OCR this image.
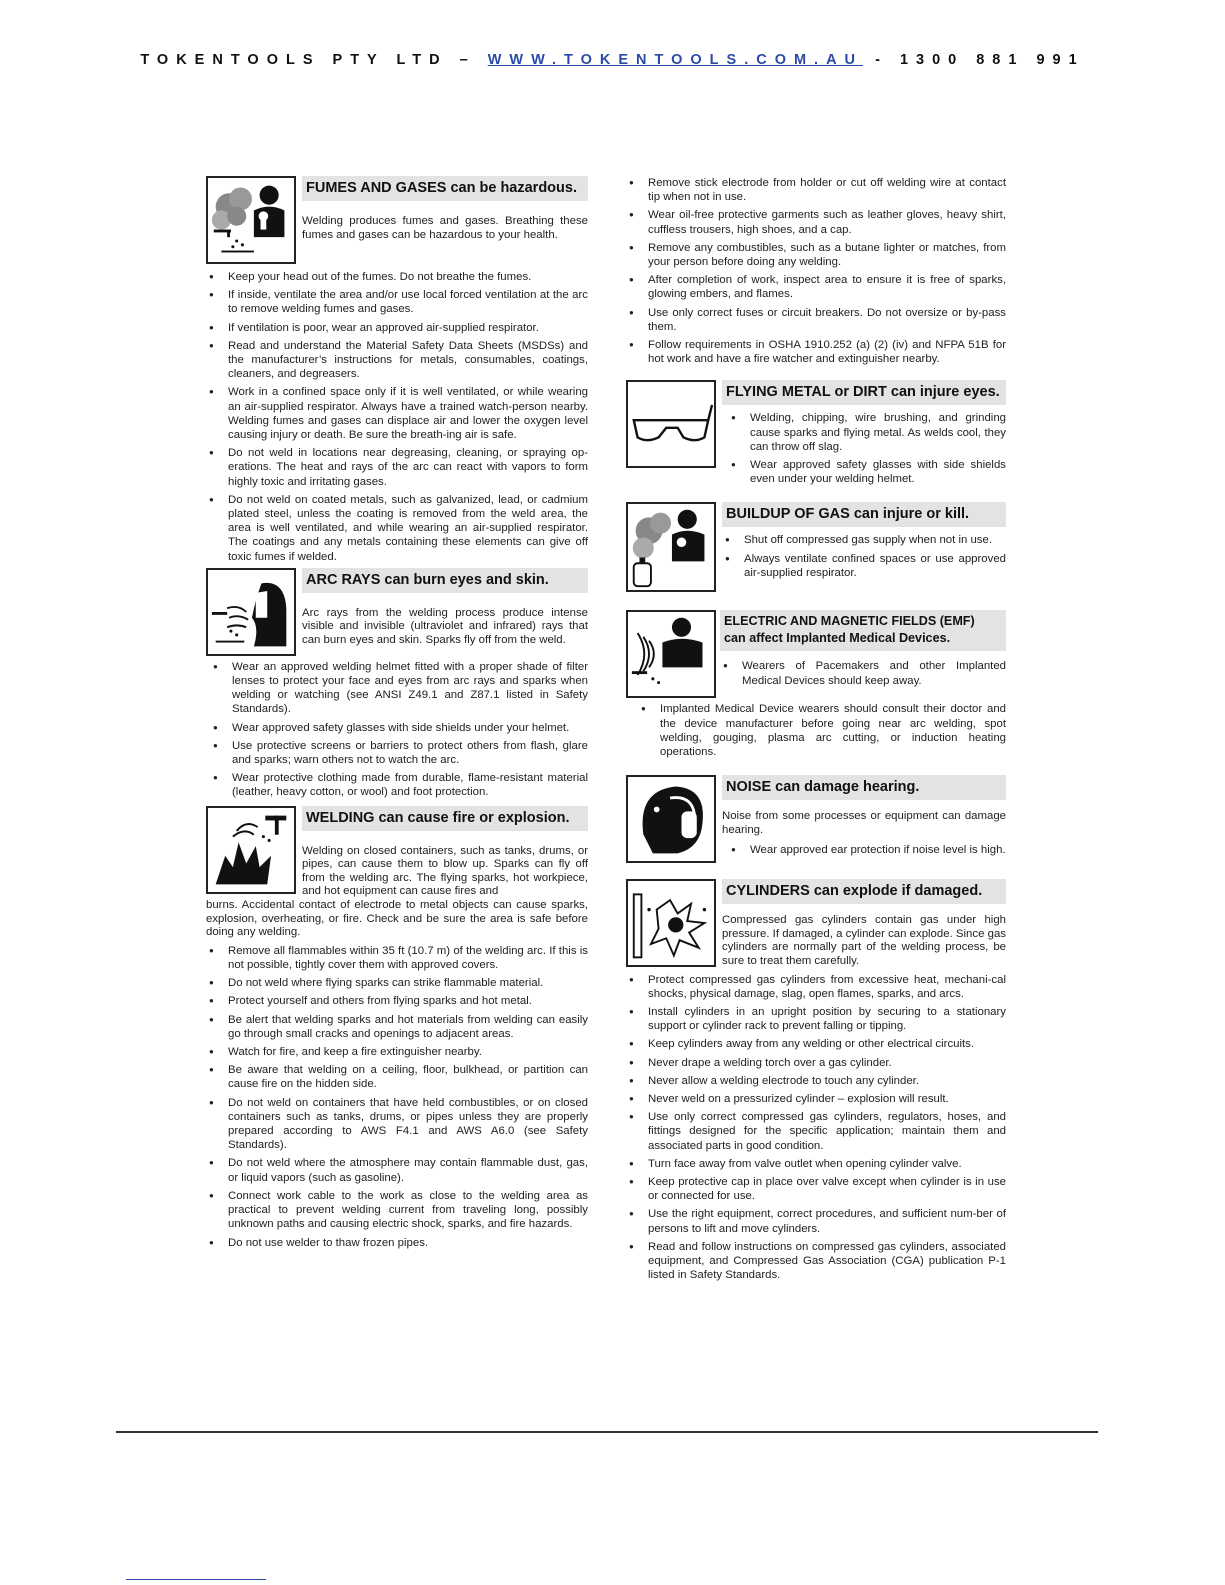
TOKENTOOLS PTY LTD – WWW.TOKENTOOLS.COM.AU - 1300 881 991
FUMES AND GASES can be hazardous.
Welding produces fumes and gases. Breathing these fumes and gases can be hazardous to your health.
● Keep your head out of the fumes. Do not breathe the fumes.
● If inside, ventilate the area and/or use local forced ventilation at the arc to remove welding fumes and gases.
● If ventilation is poor, wear an approved air-supplied respirator.
● Read and understand the Material Safety Data Sheets (MSDSs) and the manufacturer’s instructions for metals, consumables, coatings, cleaners, and degreasers.
● Work in a confined space only if it is well ventilated, or while wearing an air-supplied respirator. Always have a trained watch-person nearby. Welding fumes and gases can displace air and lower the oxygen level causing injury or death. Be sure the breath-ing air is safe.
● Do not weld in locations near degreasing, cleaning, or spraying op-erations. The heat and rays of the arc can react with vapors to form highly toxic and irritating gases.
● Do not weld on coated metals, such as galvanized, lead, or cadmium plated steel, unless the coating is removed from the weld area, the area is well ventilated, and while wearing an air-supplied respirator. The coatings and any metals containing these elements can give off toxic fumes if welded.
ARC RAYS can burn eyes and skin.
Arc rays from the welding process produce intense visible and invisible (ultraviolet and infrared) rays that can burn eyes and skin. Sparks fly off from the weld.
● Wear an approved welding helmet fitted with a proper shade of filter lenses to protect your face and eyes from arc rays and sparks when welding or watching (see ANSI Z49.1 and Z87.1 listed in Safety Standards).
● Wear approved safety glasses with side shields under your helmet.
● Use protective screens or barriers to protect others from flash, glare and sparks; warn others not to watch the arc.
● Wear protective clothing made from durable, flame-resistant material (leather, heavy cotton, or wool) and foot protection.
WELDING can cause fire or explosion.
Welding on closed containers, such as tanks, drums, or pipes, can cause them to blow up. Sparks can fly off from the welding arc. The flying sparks, hot workpiece, and hot equipment can cause fires and
burns. Accidental contact of electrode to metal objects can cause sparks, explosion, overheating, or fire. Check and be sure the area is safe before doing any welding.
● Remove all flammables within 35 ft (10.7 m) of the welding arc. If this is not possible, tightly cover them with approved covers.
● Do not weld where flying sparks can strike flammable material.
● Protect yourself and others from flying sparks and hot metal.
● Be alert that welding sparks and hot materials from welding can easily go through small cracks and openings to adjacent areas.
● Watch for fire, and keep a fire extinguisher nearby.
● Be aware that welding on a ceiling, floor, bulkhead, or partition can cause fire on the hidden side.
● Do not weld on containers that have held combustibles, or on closed containers such as tanks, drums, or pipes unless they are properly prepared according to AWS F4.1 and AWS A6.0 (see Safety Standards).
● Do not weld where the atmosphere may contain flammable dust, gas, or liquid vapors (such as gasoline).
● Connect work cable to the work as close to the welding area as practical to prevent welding current from traveling long, possibly unknown paths and causing electric shock, sparks, and fire hazards.
● Do not use welder to thaw frozen pipes.
● Remove stick electrode from holder or cut off welding wire at contact tip when not in use.
● Wear oil-free protective garments such as leather gloves, heavy shirt, cuffless trousers, high shoes, and a cap.
● Remove any combustibles, such as a butane lighter or matches, from your person before doing any welding.
● After completion of work, inspect area to ensure it is free of sparks, glowing embers, and flames.
● Use only correct fuses or circuit breakers. Do not oversize or by-pass them.
● Follow requirements in OSHA 1910.252 (a) (2) (iv) and NFPA 51B for hot work and have a fire watcher and extinguisher nearby.
FLYING METAL or DIRT can injure eyes.
● Welding, chipping, wire brushing, and grinding cause sparks and flying metal. As welds cool, they can throw off slag.
● Wear approved safety glasses with side shields even under your welding helmet.
BUILDUP OF GAS can injure or kill.
● Shut off compressed gas supply when not in use.
● Always ventilate confined spaces or use approved air-supplied respirator.
ELECTRIC AND MAGNETIC FIELDS (EMF)
can affect Implanted Medical Devices.
● Wearers of Pacemakers and other Implanted Medical Devices should keep away.
● Implanted Medical Device wearers should consult their doctor and the device manufacturer before going near arc welding, spot welding, gouging, plasma arc cutting, or induction heating operations.
NOISE can damage hearing.
Noise from some processes or equipment can damage hearing.
● Wear approved ear protection if noise level is high.
CYLINDERS can explode if damaged.
Compressed gas cylinders contain gas under high pressure. If damaged, a cylinder can explode. Since gas cylinders are normally part of the welding process, be sure to treat them carefully.
● Protect compressed gas cylinders from excessive heat, mechani-cal shocks, physical damage, slag, open flames, sparks, and arcs.
● Install cylinders in an upright position by securing to a stationary support or cylinder rack to prevent falling or tipping.
● Keep cylinders away from any welding or other electrical circuits.
● Never drape a welding torch over a gas cylinder.
● Never allow a welding electrode to touch any cylinder.
● Never weld on a pressurized cylinder – explosion will result.
● Use only correct compressed gas cylinders, regulators, hoses, and fittings designed for the specific application; maintain them and associated parts in good condition.
● Turn face away from valve outlet when opening cylinder valve.
● Keep protective cap in place over valve except when cylinder is in use or connected for use.
● Use the right equipment, correct procedures, and sufficient num-ber of persons to lift and move cylinders.
● Read and follow instructions on compressed gas cylinders, associated equipment, and Compressed Gas Association (CGA) publication P-1 listed in Safety Standards.
